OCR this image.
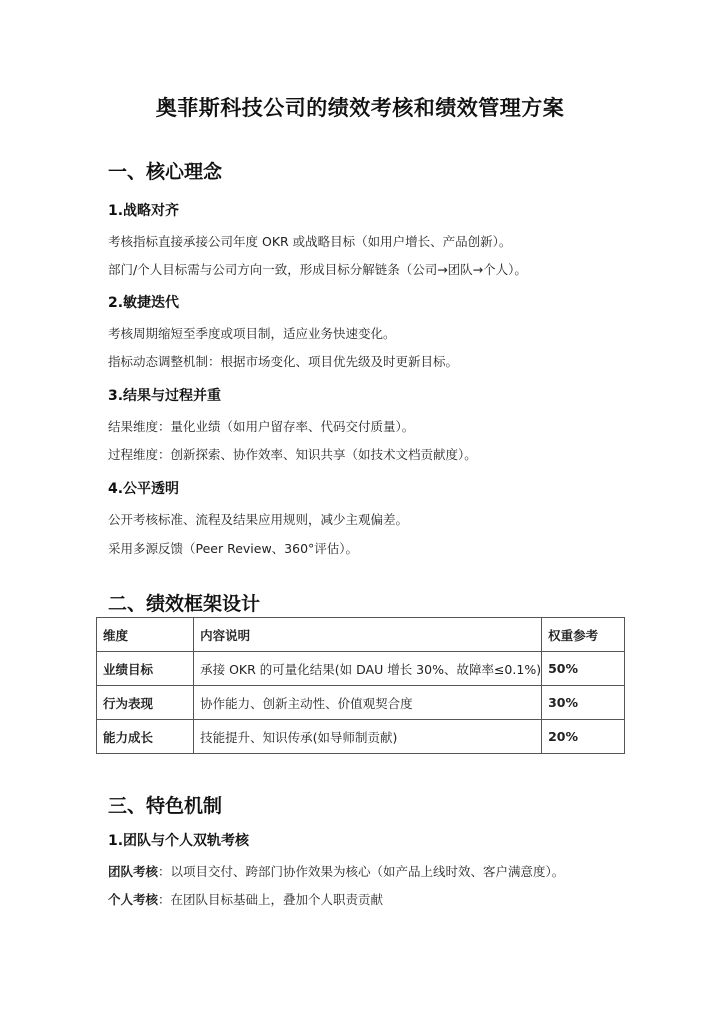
奥菲斯科技公司的绩效考核和绩效管理方案
一、核心理念
1.战略对齐
考核指标直接承接公司年度 OKR 或战略目标（如用户增长、产品创新）。
部门/个人目标需与公司方向一致，形成目标分解链条（公司→团队→个人）。
2.敏捷迭代
考核周期缩短至季度或项目制，适应业务快速变化。
指标动态调整机制：根据市场变化、项目优先级及时更新目标。
3.结果与过程并重
结果维度：量化业绩（如用户留存率、代码交付质量）。
过程维度：创新探索、协作效率、知识共享（如技术文档贡献度）。
4.公平透明
公开考核标准、流程及结果应用规则，减少主观偏差。
采用多源反馈（Peer Review、360°评估）。
二、绩效框架设计
维度	内容说明	权重参考
业绩目标	承接 OKR 的可量化结果(如 DAU 增长 30%、故障率≤0.1%)	50%
行为表现	协作能力、创新主动性、价值观契合度	30%
能力成长	技能提升、知识传承(如导师制贡献)	20%
三、特色机制
1.团队与个人双轨考核
团队考核：以项目交付、跨部门协作效果为核心（如产品上线时效、客户满意度）。
个人考核：在团队目标基础上，叠加个人职责贡献
